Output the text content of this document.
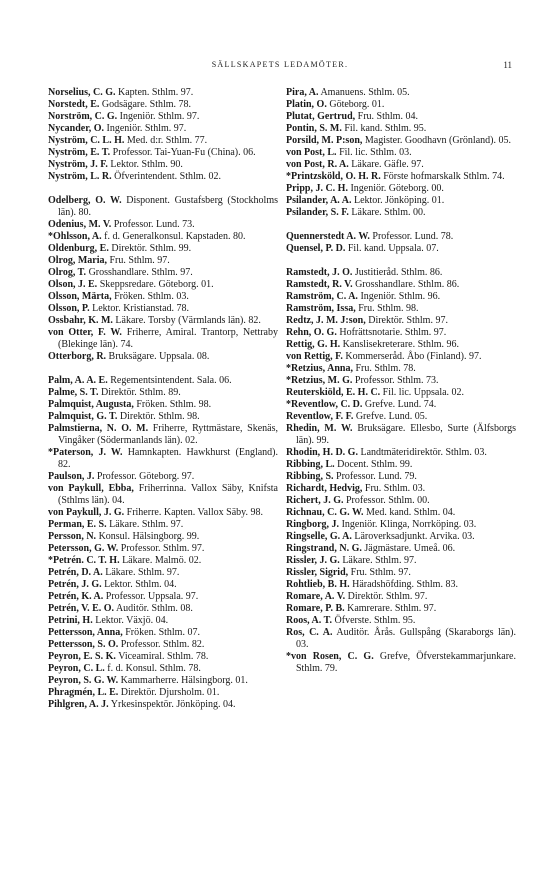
SÄLLSKAPETS LEDAMÖTER.	11
Norselius, C. G. Kapten. Sthlm. 97.
Norstedt, E. Godsägare. Sthlm. 78.
Norström, C. G. Ingeniör. Sthlm. 97.
Nycander, O. Ingeniör. Sthlm. 97.
Nyström, C. L. H. Med. d:r. Sthlm. 77.
Nyström, E. T. Professor. Tai-Yuan-Fu (China). 06.
Nyström, J. F. Lektor. Sthlm. 90.
Nyström, L. R. Öfverintendent. Sthlm. 02.
Odelberg, O. W. Disponent. Gustafsberg (Stockholms län). 80.
Odenius, M. V. Professor. Lund. 73.
*Ohlsson, A. f. d. Generalkonsul. Kapstaden. 80.
Oldenburg, E. Direktör. Sthlm. 99.
Olrog, Maria, Fru. Sthlm. 97.
Olrog, T. Grosshandlare. Sthlm. 97.
Olson, J. E. Skeppsredare. Göteborg. 01.
Olsson, Märta, Fröken. Sthlm. 03.
Olsson, P. Lektor. Kristianstad. 78.
Ossbahr, K. M. Läkare. Torsby (Värmlands län). 82.
von Otter, F. W. Friherre, Amiral. Trantorp, Nettraby (Blekinge län). 74.
Otterborg, R. Bruksägare. Uppsala. 08.
Palm, A. A. E. Regementsintendent. Sala. 06.
Palme, S. T. Direktör. Sthlm. 89.
Palmquist, Augusta, Fröken. Sthlm. 98.
Palmquist, G. T. Direktör. Sthlm. 98.
Palmstierna, N. O. M. Friherre, Ryttmästare, Skenäs, Vingåker (Södermanlands län). 02.
*Paterson, J. W. Hamnkapten. Hawkhurst (England). 82.
Paulson, J. Professor. Göteborg. 97.
von Paykull, Ebba, Friherrinna. Vallox Säby, Knifsta (Sthlms län). 04.
von Paykull, J. G. Friherre. Kapten. Vallox Säby. 98.
Perman, E. S. Läkare. Sthlm. 97.
Persson, N. Konsul. Hälsingborg. 99.
Petersson, G. W. Professor. Sthlm. 97.
*Petrén. C. T. H. Läkare. Malmö. 02.
Petrén, D. A. Läkare. Sthlm. 97.
Petrén, J. G. Lektor. Sthlm. 04.
Petrén, K. A. Professor. Uppsala. 97.
Petrén, V. E. O. Auditör. Sthlm. 08.
Petrini, H. Lektor. Växjö. 04.
Pettersson, Anna, Fröken. Sthlm. 07.
Pettersson, S. O. Professor. Sthlm. 82.
Peyron, E. S. K. Viceamiral. Sthlm. 78.
Peyron, C. L. f. d. Konsul. Sthlm. 78.
Peyron, S. G. W. Kammarherre. Hälsingborg. 01.
Phragmén, L. E. Direktör. Djursholm. 01.
Pihlgren, A. J. Yrkesinspektör. Jönköping. 04.
Pira, A. Amanuens. Sthlm. 05.
Platin, O. Göteborg. 01.
Plutat, Gertrud, Fru. Sthlm. 04.
Pontin, S. M. Fil. kand. Sthlm. 95.
Porsild, M. P:son, Magister. Goodhavn (Grönland). 05.
von Post, L. Fil. lic. Sthlm. 03.
von Post, R. A. Läkare. Gäfle. 97.
*Printzsköld, O. H. R. Förste hofmarskalk Sthlm. 74.
Pripp, J. C. H. Ingeniör. Göteborg. 00.
Psilander, A. A. Lektor. Jönköping. 01.
Psilander, S. F. Läkare. Sthlm. 00.
Quennerstedt A. W. Professor. Lund. 78.
Quensel, P. D. Fil. kand. Uppsala. 07.
Ramstedt, J. O. Justitieråd. Sthlm. 86.
Ramstedt, R. V. Grosshandlare. Sthlm. 86.
Ramström, C. A. Ingeniör. Sthlm. 96.
Ramström, Issa, Fru. Sthlm. 98.
Redtz, J. M. J:son, Direktör. Sthlm. 97.
Rehn, O. G. Hofrättsnotarie. Sthlm. 97.
Rettig, G. H. Kanslisekreterare. Sthlm. 96.
von Rettig, F. Kommerseråd. Åbo (Finland). 97.
*Retzius, Anna, Fru. Sthlm. 78.
*Retzius, M. G. Professor. Sthlm. 73.
Reuterskiöld, E. H. C. Fil. lic. Uppsala. 02.
*Reventlow, C. D. Grefve. Lund. 74.
Reventlow, F. F. Grefve. Lund. 05.
Rhedin, M. W. Bruksägare. Ellesbo, Surte (Älfsborgs län). 99.
Rhodin, H. D. G. Landtmäteridirektör. Sthlm. 03.
Ribbing, L. Docent. Sthlm. 99.
Ribbing, S. Professor. Lund. 79.
Richardt, Hedvig, Fru. Sthlm. 03.
Richert, J. G. Professor. Sthlm. 00.
Richnau, C. G. W. Med. kand. Sthlm. 04.
Ringborg, J. Ingeniör. Klinga, Norrköping. 03.
Ringselle, G. A. Läroverksadjunkt. Arvika. 03.
Ringstrand, N. G. Jägmästare. Umeå. 06.
Rissler, J. G. Läkare. Sthlm. 97.
Rissler, Sigrid, Fru. Sthlm. 97.
Rohtlieb, B. H. Häradshöfding. Sthlm. 83.
Romare, A. V. Direktör. Sthlm. 97.
Romare, P. B. Kamrerare. Sthlm. 97.
Roos, A. T. Öfverste. Sthlm. 95.
Ros, C. A. Auditör. Årås. Gullspång (Skaraborgs län). 03.
*von Rosen, C. G. Grefve, Öfverstekammarjunkare. Sthlm. 79.
